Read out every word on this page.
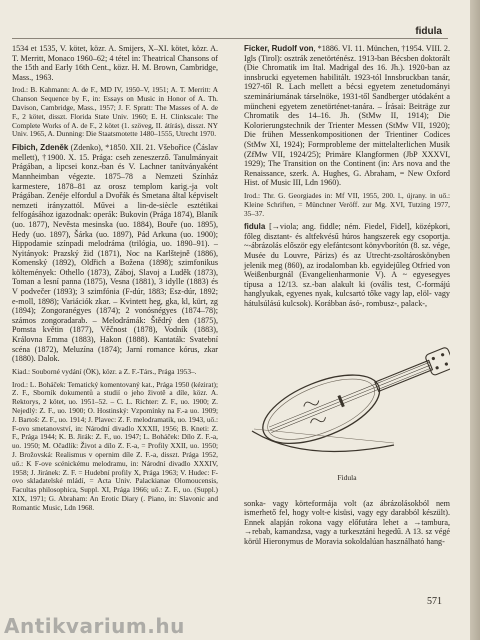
fidula

1534 et 1535, V. kötet, közr. A. Smijers, X–XI. kötet, közr. A. T. Merritt, Monaco 1960–62; 4 tétel in: Theatrical Chansons of the 15th and Early 16th Cent., közr. H. M. Brown, Cambridge, Mass., 1963.

Irod.: B. Kahmann: A. de F., MD IV, 1950–V, 1951; A. T. Merritt: A Chanson Sequence by F., in: Essays on Music in Honor of A. Th. Davison, Cambridge, Mass., 1957; J. F. Spratt: The Masses of A. de F., 2 kötet, disszt. Florida State Univ. 1960; E. H. Clinkscale: The Complete Works of A. de F., 2 kötet (1. szöveg, II. átírás), disszt. NY Univ. 1965, A. Dunning: Die Staatsmotette 1480–1555, Utrecht 1970.

Fibich, Zdeněk (Zdenko), *1850. XII. 21. Všebořice (Čáslav mellett), †1900. X. 15. Prága: cseh zeneszerző. Tanulmányait Prágában, a lipcsei konz.-ban és V. Lachner tanítványaként Mannheimban végezte. 1875–78 a Nemzeti Színház karmestere, 1878–81 az orosz templom karig.-ja volt Prágában. Zenéje elfordul a Dvořák és Smetana által képviselt nemzeti irányzattól. Művei a lin-de-siècle esztétikai felfogásához igazodnak: operák: Bukovin (Prága 1874), Blaník (uo. 1877), Nevěsta mesinska (uo. 1884), Bouře (uo. 1895), Hedy (uo. 1897), Šárka (uo. 1897), Pád Arkuna (uo. 1900); Hippodamie színpadi melodráma (trilógia, uo. 1890–91). – Nyitányok: Prazský žid (1871), Noc na Karlštejně (1886), Komenský (1892), Oldřich a Božena (1898); szimfonikus költemények: Othello (1873), Záboj, Slavoj a Luděk (1873), Toman a lesní panna (1875), Vesna (1881), 3 idylle (1883) és V podvečer (1893); 3 szimfónia (F-dúr, 1883; Esz-dúr, 1892; e-moll, 1898); Variációk zkar. – Kvintett heg, gka, kl, kürt, zg (1894); Zongoranégyes (1874); 2 vonósnégyes (1874–78); számos zongoradarab. – Melodrámák: Štědrý den (1875), Pomsta květin (1877), Věčnost (1878), Vodník (1883), Královna Emma (1883), Hakon (1888). Kantaták: Svatební scéna (1872), Meluzína (1874); Jarní romance kórus, zkar (1880). Dalok.

Kiad.: Souborné vydání (ÖK), közr. a Z. F.-Társ., Prága 1953–.

Irod.: L. Boháček: Tematický komentovaný kat., Prága 1950 (kézirat); Z. F., Sborník dokumentů a studií o jeho životě a díle, közr. A. Rektorys, 2 kötet, uo. 1951–52. – C. L. Richter: Z. F., uo. 1900; Z. Nejedlý: Z. F., uo. 1900; O. Hostinský: Vzpomínky na F.-a uo. 1909; J. Bartoš: Z. F., uo. 1914; J. Plavec: Z. F. melodramatik, uo. 1943, uő.: F-ovo smetanovství, in: Národní divadlo XXXII, 1956; B. Kneti: Z. F., Prága 1944; K. B. Jirák: Z. F., uo. 1947; L. Boháček: Dílo Z. F.-a, uo. 1950; M. Očadlík: Život a dílo Z. F.-a, = Profily XXII, uo. 1950; J. Brožovská: Realismus v opernim díle Z. F.-a, disszt. Prága 1952, uő.: K F-ove scénickému melodramu, in: Národní divadlo XXXIV, 1958; J. Jiránek: Z. F. = Hudební profily X, Prága 1963; V. Hudec: F-ovo skladatelské mládí, = Acta Univ. Palackianae Olomoucensis, Facultas philosophica, Suppl. XI, Prága 1966; uő.: Z. F., uo. (Suppl.) XIX, 1971; G. Abraham: An Erotic Diary (. Piano, in: Slavonic and Romantic Music, Ldn 1968.

Ficker, Rudolf von, *1886. VI. 11. München, †1954. VIII. 2. Igls (Tirol): osztrák zenetörténész. 1913-ban Bécsben doktorált (Die Chromatik im Ital. Madrigal des 16. Jh.). 1920-ban az innsbrucki egyetemen habilitált. 1923-tól Innsbruckban tanár, 1927-től R. Lach mellett a bécsi egyetem zenetudományi szemináriumának társelnöke, 1931-től Sandberger utódaként a müncheni egyetem zenetörténet-tanára. – Írásai: Beiträge zur Chromatik des 14–16. Jh. (StMw II, 1914); Die Kolorierungstechnik der Trienter Messen (StMw VII, 1920); Die frühen Messenkompositionen der Trientiner Codices (StMw XI, 1924); Formprobleme der mittelalterlichen Musik (ZfMw VII, 1924/25); Primäre Klangformen (JbP XXXVI, 1929); The Transition on the Continent (in: Ars nova and the Renaissance, szerk. A. Hughes, G. Abraham, = New Oxford Hist. of Music III, Ldn 1960).

Irod.: Thr. G. Georgiades in: Mf VII, 1955, 200. l., újrany. in uő.: Kleine Schriften, = Münchner Veröff. zur Mg. XVI, Tutzing 1977, 35–37.

fidula [→viola; ang. fiddle; ném. Fiedel, Fidel], középkori, főleg disztant- és altfekvésű húros hangszerek egy csoportja. ~-ábrázolás először egy elefántcsont könyvborítón (8. sz. vége, Musée du Louvre, Párizs) és az Utrecht-zsoltároskönyben jelenik meg (860), az irodalomban kb. egyidejűleg Otfried von Weißenburgnál (Evangelienharmonie V). A ~ egyesegyes típusa a 12/13. sz.-ban alakult ki (ovális test, C-formájú hanglyukak, egyenes nyak, kulcsartó tőke vagy lap, elöl- vagy hátulsúlású kulcsok). Korábban ásó-, rombusz-, palack-,

Fidula

sonka- vagy körteformája volt (az ábrázolásokból nem ismerhető fel, hogy volt-e kisüsi, vagy egy darabból készült). Ennek alapján rokona vagy előfutára lehet a →tambura, →rebab, kamandzsa, vagy a turkesztáni hegedű. A 13. sz végé körül Hieronymus de Moravia sokoldalúan használható hang-

571
Antikvarium.hu
